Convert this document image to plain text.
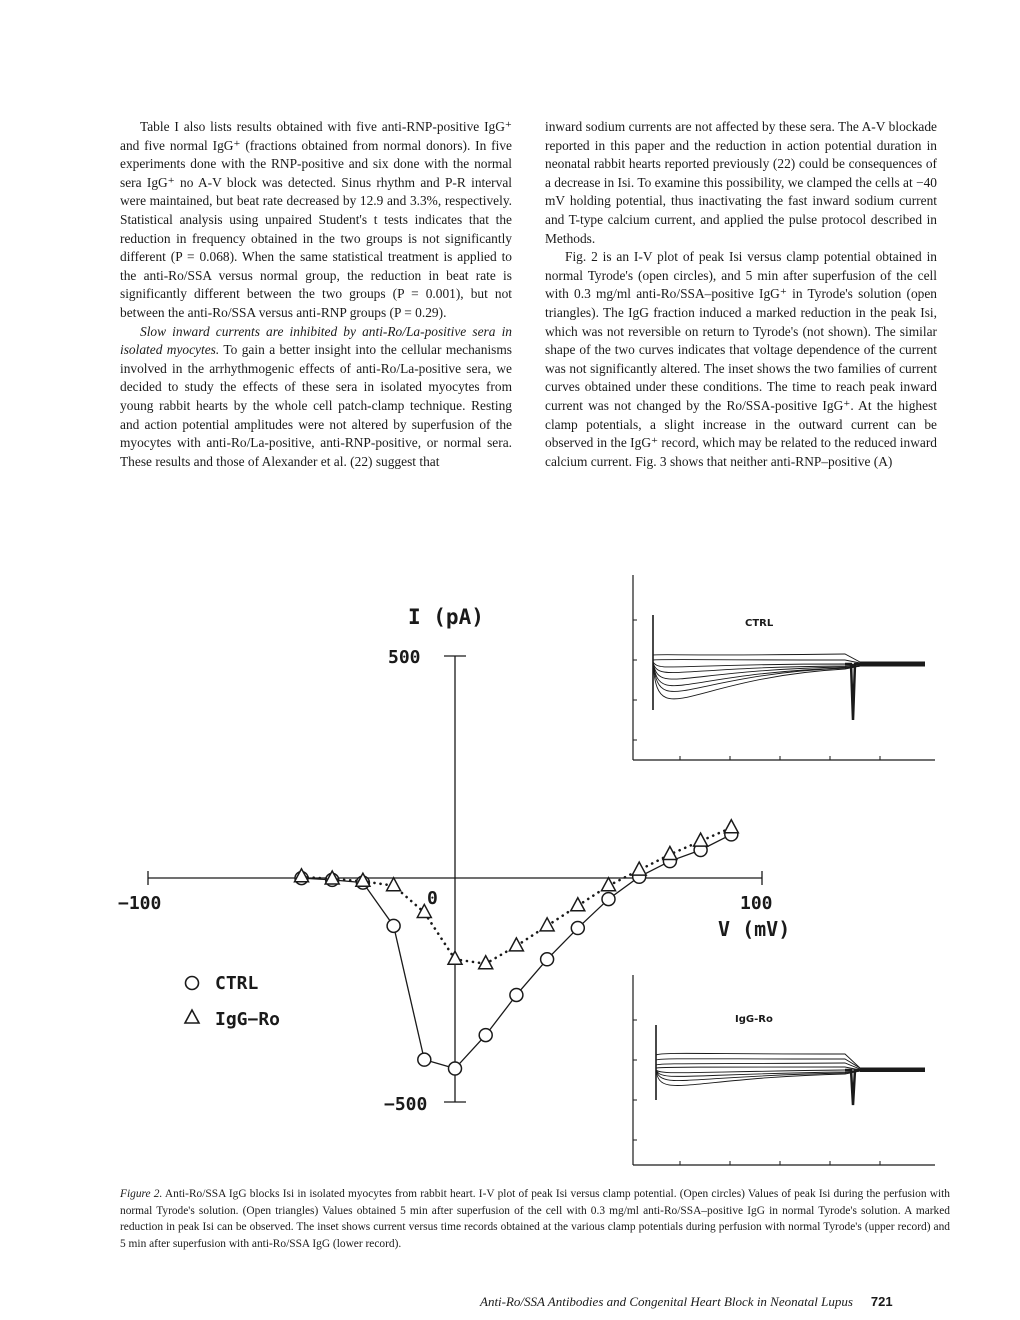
Table I also lists results obtained with five anti-RNP-positive IgG⁺ and five normal IgG⁺ (fractions obtained from normal donors). In five experiments done with the RNP-positive and six done with the normal sera IgG⁺ no A-V block was detected. Sinus rhythm and P-R interval were maintained, but beat rate decreased by 12.9 and 3.3%, respectively. Statistical analysis using unpaired Student's t tests indicates that the reduction in frequency obtained in the two groups is not significantly different (P = 0.068). When the same statistical treatment is applied to the anti-Ro/SSA versus normal group, the reduction in beat rate is significantly different between the two groups (P = 0.001), but not between the anti-Ro/SSA versus anti-RNP groups (P = 0.29).

Slow inward currents are inhibited by anti-Ro/La-positive sera in isolated myocytes. To gain a better insight into the cellular mechanisms involved in the arrhythmogenic effects of anti-Ro/La-positive sera, we decided to study the effects of these sera in isolated myocytes from young rabbit hearts by the whole cell patch-clamp technique. Resting and action potential amplitudes were not altered by superfusion of the myocytes with anti-Ro/La-positive, anti-RNP-positive, or normal sera. These results and those of Alexander et al. (22) suggest that

inward sodium currents are not affected by these sera. The A-V blockade reported in this paper and the reduction in action potential duration in neonatal rabbit hearts reported previously (22) could be consequences of a decrease in Isi. To examine this possibility, we clamped the cells at −40 mV holding potential, thus inactivating the fast inward sodium current and T-type calcium current, and applied the pulse protocol described in Methods.

Fig. 2 is an I-V plot of peak Isi versus clamp potential obtained in normal Tyrode's (open circles), and 5 min after superfusion of the cell with 0.3 mg/ml anti-Ro/SSA–positive IgG⁺ in Tyrode's solution (open triangles). The IgG fraction induced a marked reduction in the peak Isi, which was not reversible on return to Tyrode's (not shown). The similar shape of the two curves indicates that voltage dependence of the current was not significantly altered. The inset shows the two families of current curves obtained under these conditions. The time to reach peak inward current was not changed by the Ro/SSA-positive IgG⁺. At the highest clamp potentials, a slight increase in the outward current can be observed in the IgG⁺ record, which may be related to the reduced inward calcium current. Fig. 3 shows that neither anti-RNP–positive (A)

I (pA)
500
−500
−100	0	100
V (mV)
CTRL
IgG−Ro
CTRL
IgG-Ro
Figure 2. Anti-Ro/SSA IgG blocks Isi in isolated myocytes from rabbit heart. I-V plot of peak Isi versus clamp potential. (Open circles) Values of peak Isi during the perfusion with normal Tyrode's solution. (Open triangles) Values obtained 5 min after superfusion of the cell with 0.3 mg/ml anti-Ro/SSA–positive IgG in normal Tyrode's solution. A marked reduction in peak Isi can be observed. The inset shows current versus time records obtained at the various clamp potentials during perfusion with normal Tyrode's (upper record) and 5 min after superfusion with anti-Ro/SSA IgG (lower record).
Anti-Ro/SSA Antibodies and Congenital Heart Block in Neonatal Lupus 721
